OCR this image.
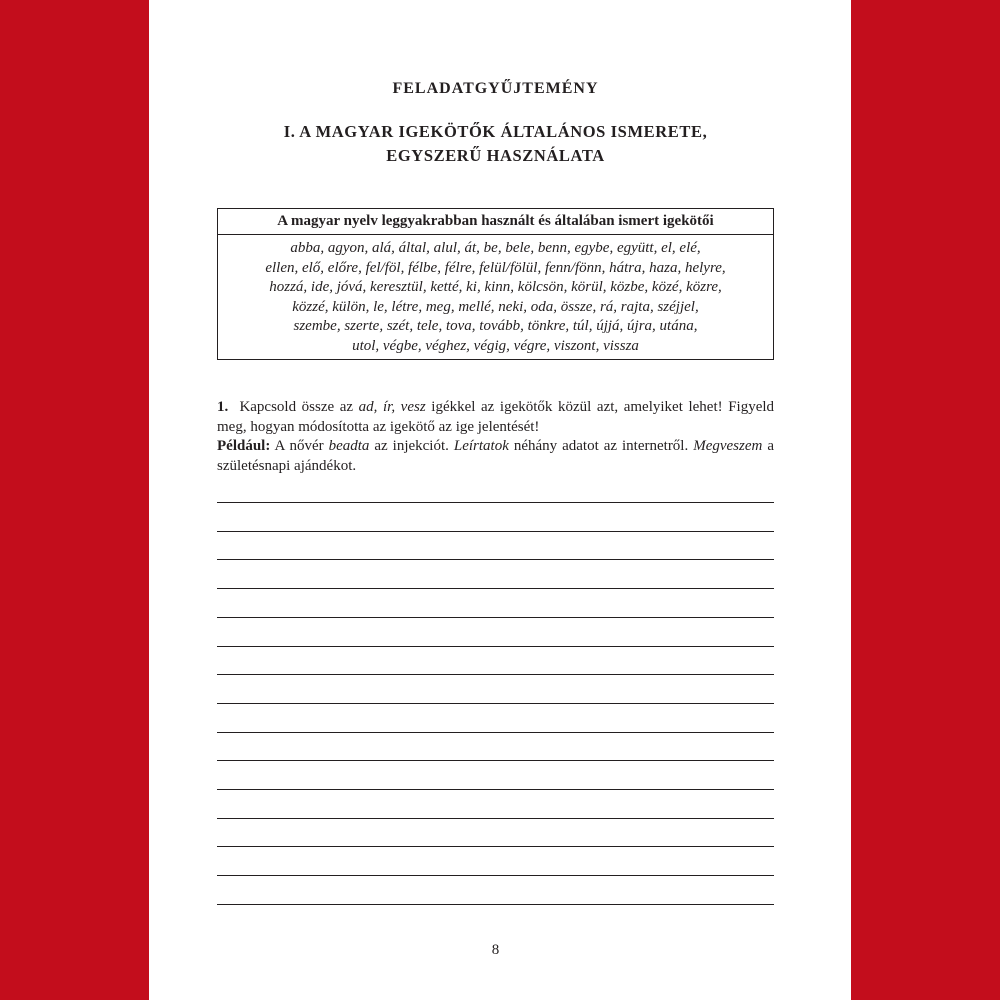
FELADATGYŰJTEMÉNY
I. A MAGYAR IGEKÖTŐK ÁLTALÁNOS ISMERETE,
EGYSZERŰ HASZNÁLATA
A magyar nyelv leggyakrabban használt és általában ismert igekötői
abba, agyon, alá, által, alul, át, be, bele, benn, egybe, együtt, el, elé,
ellen, elő, előre, fel/föl, félbe, félre, felül/fölül, fenn/fönn, hátra, haza, helyre,
hozzá, ide, jóvá, keresztül, ketté, ki, kinn, kölcsön, körül, közbe, közé, közre,
közzé, külön, le, létre, meg, mellé, neki, oda, össze, rá, rajta, széjjel,
szembe, szerte, szét, tele, tova, tovább, tönkre, túl, újjá, újra, utána,
utol, végbe, véghez, végig, végre, viszont, vissza

1. Kapcsold össze az ad, ír, vesz igékkel az igekötők közül azt, amelyiket lehet! Figyeld meg, hogyan módosította az igekötő az ige jelentését!

Például: A nővér beadta az injekciót. Leírtatok néhány adatot az internetről. Megveszem a születésnapi ajándékot.

8
